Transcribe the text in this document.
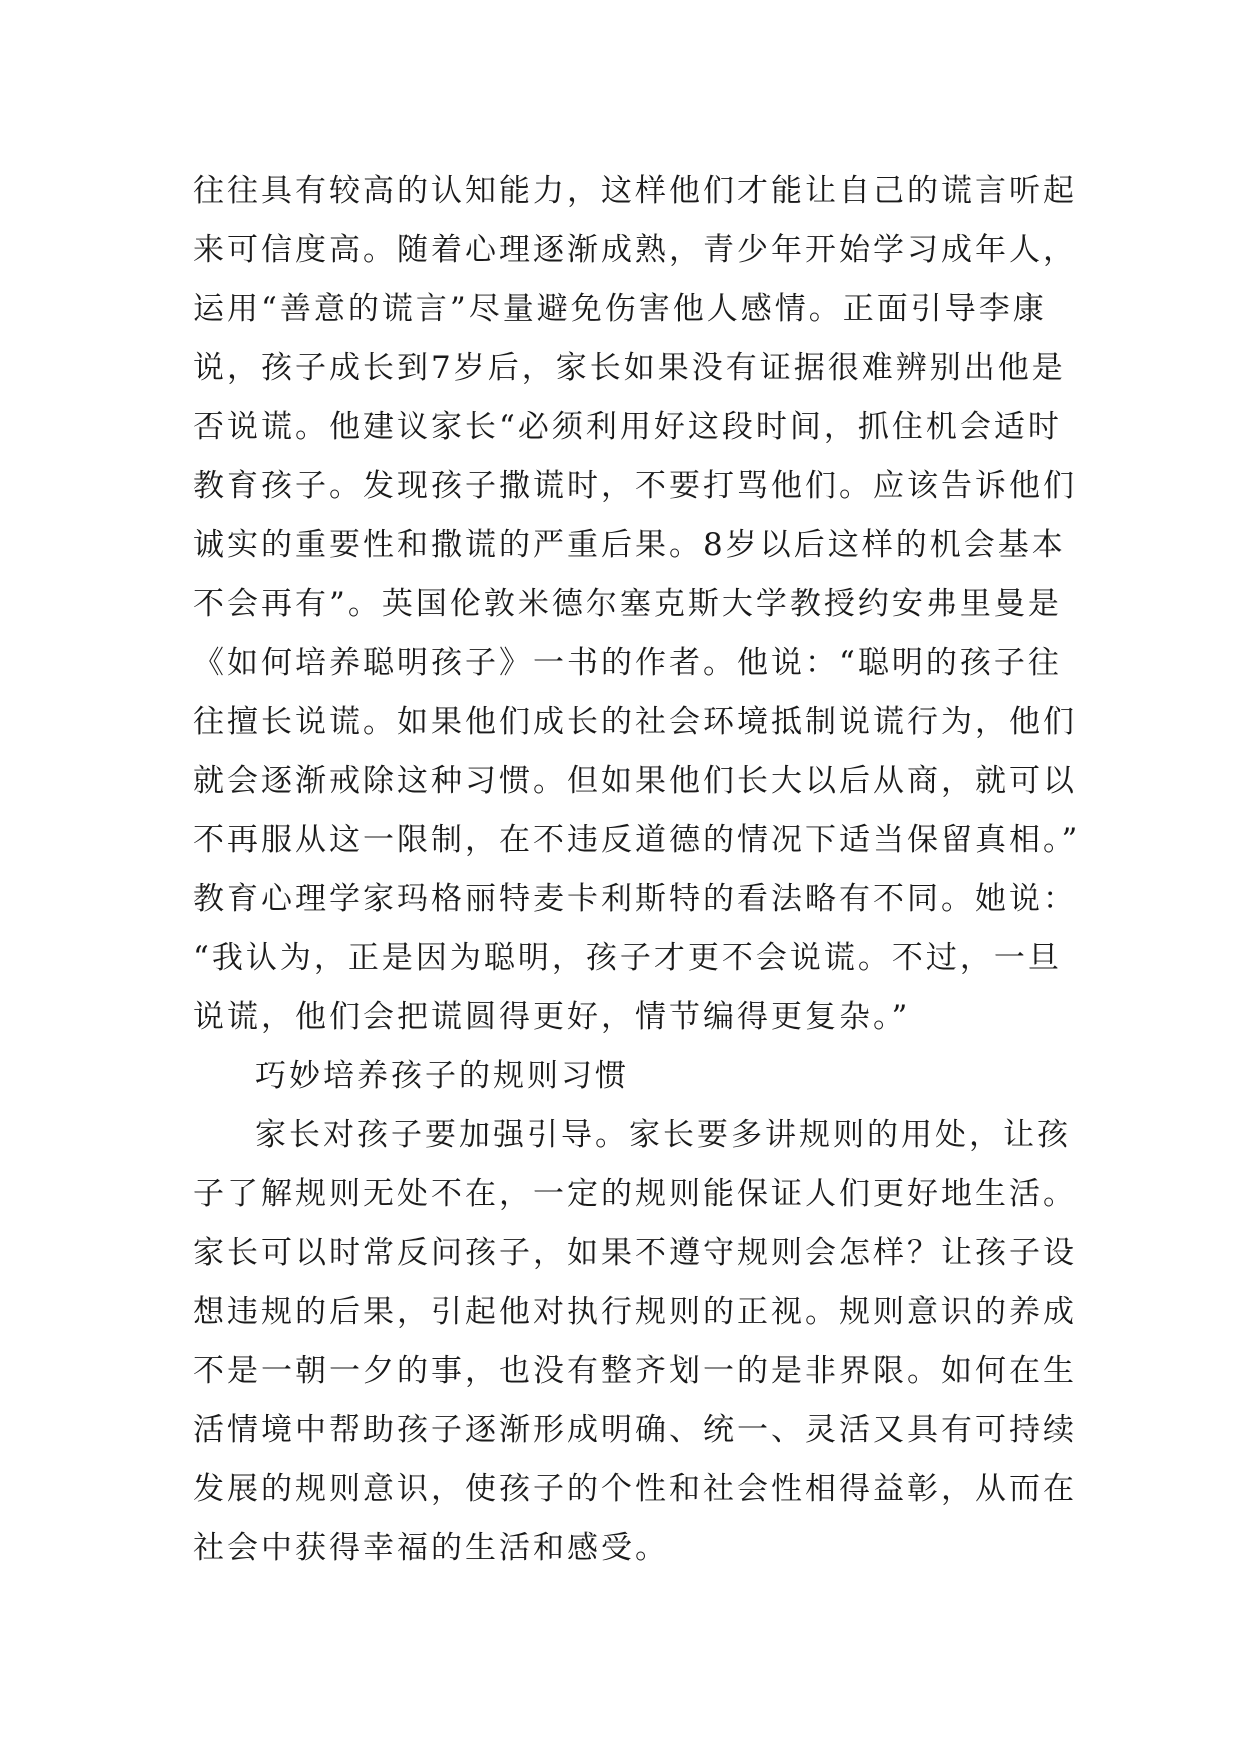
往往具有较高的认知能力，这样他们才能让自己的谎言听起
来可信度高。随着心理逐渐成熟，青少年开始学习成年人，
运用“善意的谎言”尽量避免伤害他人感情。正面引导李康
说，孩子成长到7岁后，家长如果没有证据很难辨别出他是
否说谎。他建议家长“必须利用好这段时间，抓住机会适时
教育孩子。发现孩子撒谎时，不要打骂他们。应该告诉他们
诚实的重要性和撒谎的严重后果。8岁以后这样的机会基本
不会再有”。英国伦敦米德尔塞克斯大学教授约安弗里曼是
《如何培养聪明孩子》一书的作者。他说：“聪明的孩子往
往擅长说谎。如果他们成长的社会环境抵制说谎行为，他们
就会逐渐戒除这种习惯。但如果他们长大以后从商，就可以
不再服从这一限制，在不违反道德的情况下适当保留真相。”
教育心理学家玛格丽特麦卡利斯特的看法略有不同。她说：
“我认为，正是因为聪明，孩子才更不会说谎。不过，一旦
说谎，他们会把谎圆得更好，情节编得更复杂。”
巧妙培养孩子的规则习惯
家长对孩子要加强引导。家长要多讲规则的用处，让孩
子了解规则无处不在，一定的规则能保证人们更好地生活。
家长可以时常反问孩子，如果不遵守规则会怎样？让孩子设
想违规的后果，引起他对执行规则的正视。规则意识的养成
不是一朝一夕的事，也没有整齐划一的是非界限。如何在生
活情境中帮助孩子逐渐形成明确、统一、灵活又具有可持续
发展的规则意识，使孩子的个性和社会性相得益彰，从而在
社会中获得幸福的生活和感受。
